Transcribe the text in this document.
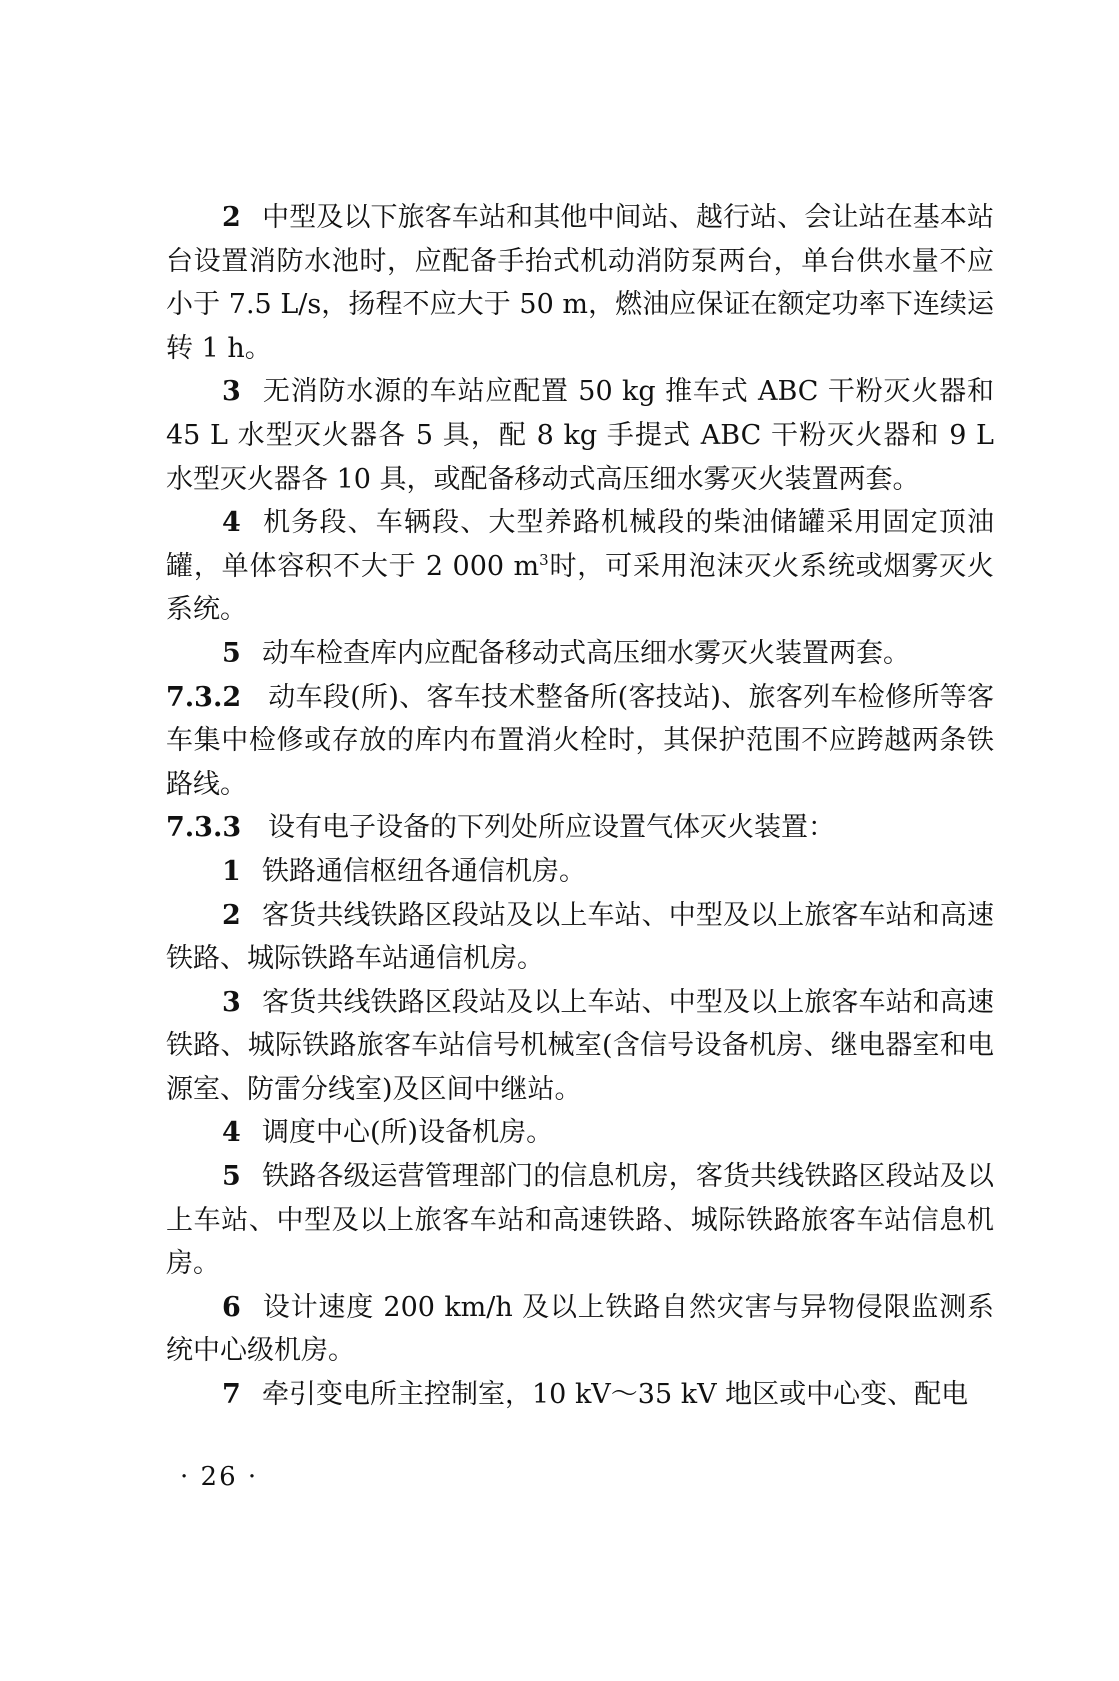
2 中型及以下旅客车站和其他中间站、越行站、会让站在基本站台设置消防水池时，应配备手抬式机动消防泵两台，单台供水量不应小于 7.5 L/s，扬程不应大于 50 m，燃油应保证在额定功率下连续运转 1 h。

3 无消防水源的车站应配置 50 kg 推车式 ABC 干粉灭火器和 45 L 水型灭火器各 5 具，配 8 kg 手提式 ABC 干粉灭火器和 9 L 水型灭火器各 10 具，或配备移动式高压细水雾灭火装置两套。

4 机务段、车辆段、大型养路机械段的柴油储罐采用固定顶油罐，单体容积不大于 2 000 $m^3$时，可采用泡沫灭火系统或烟雾灭火系统。

5 动车检查库内应配备移动式高压细水雾灭火装置两套。

7.3.2 动车段(所)、客车技术整备所(客技站)、旅客列车检修所等客车集中检修或存放的库内布置消火栓时，其保护范围不应跨越两条铁路线。

7.3.3 设有电子设备的下列处所应设置气体灭火装置：

1 铁路通信枢纽各通信机房。

2 客货共线铁路区段站及以上车站、中型及以上旅客车站和高速铁路、城际铁路车站通信机房。

3 客货共线铁路区段站及以上车站、中型及以上旅客车站和高速铁路、城际铁路旅客车站信号机械室(含信号设备机房、继电器室和电源室、防雷分线室)及区间中继站。

4 调度中心(所)设备机房。

5 铁路各级运营管理部门的信息机房，客货共线铁路区段站及以上车站、中型及以上旅客车站和高速铁路、城际铁路旅客车站信息机房。

6 设计速度 200 km/h 及以上铁路自然灾害与异物侵限监测系统中心级机房。

7 牵引变电所主控制室，10 kV～35 kV 地区或中心变、配电

· 26 ·
